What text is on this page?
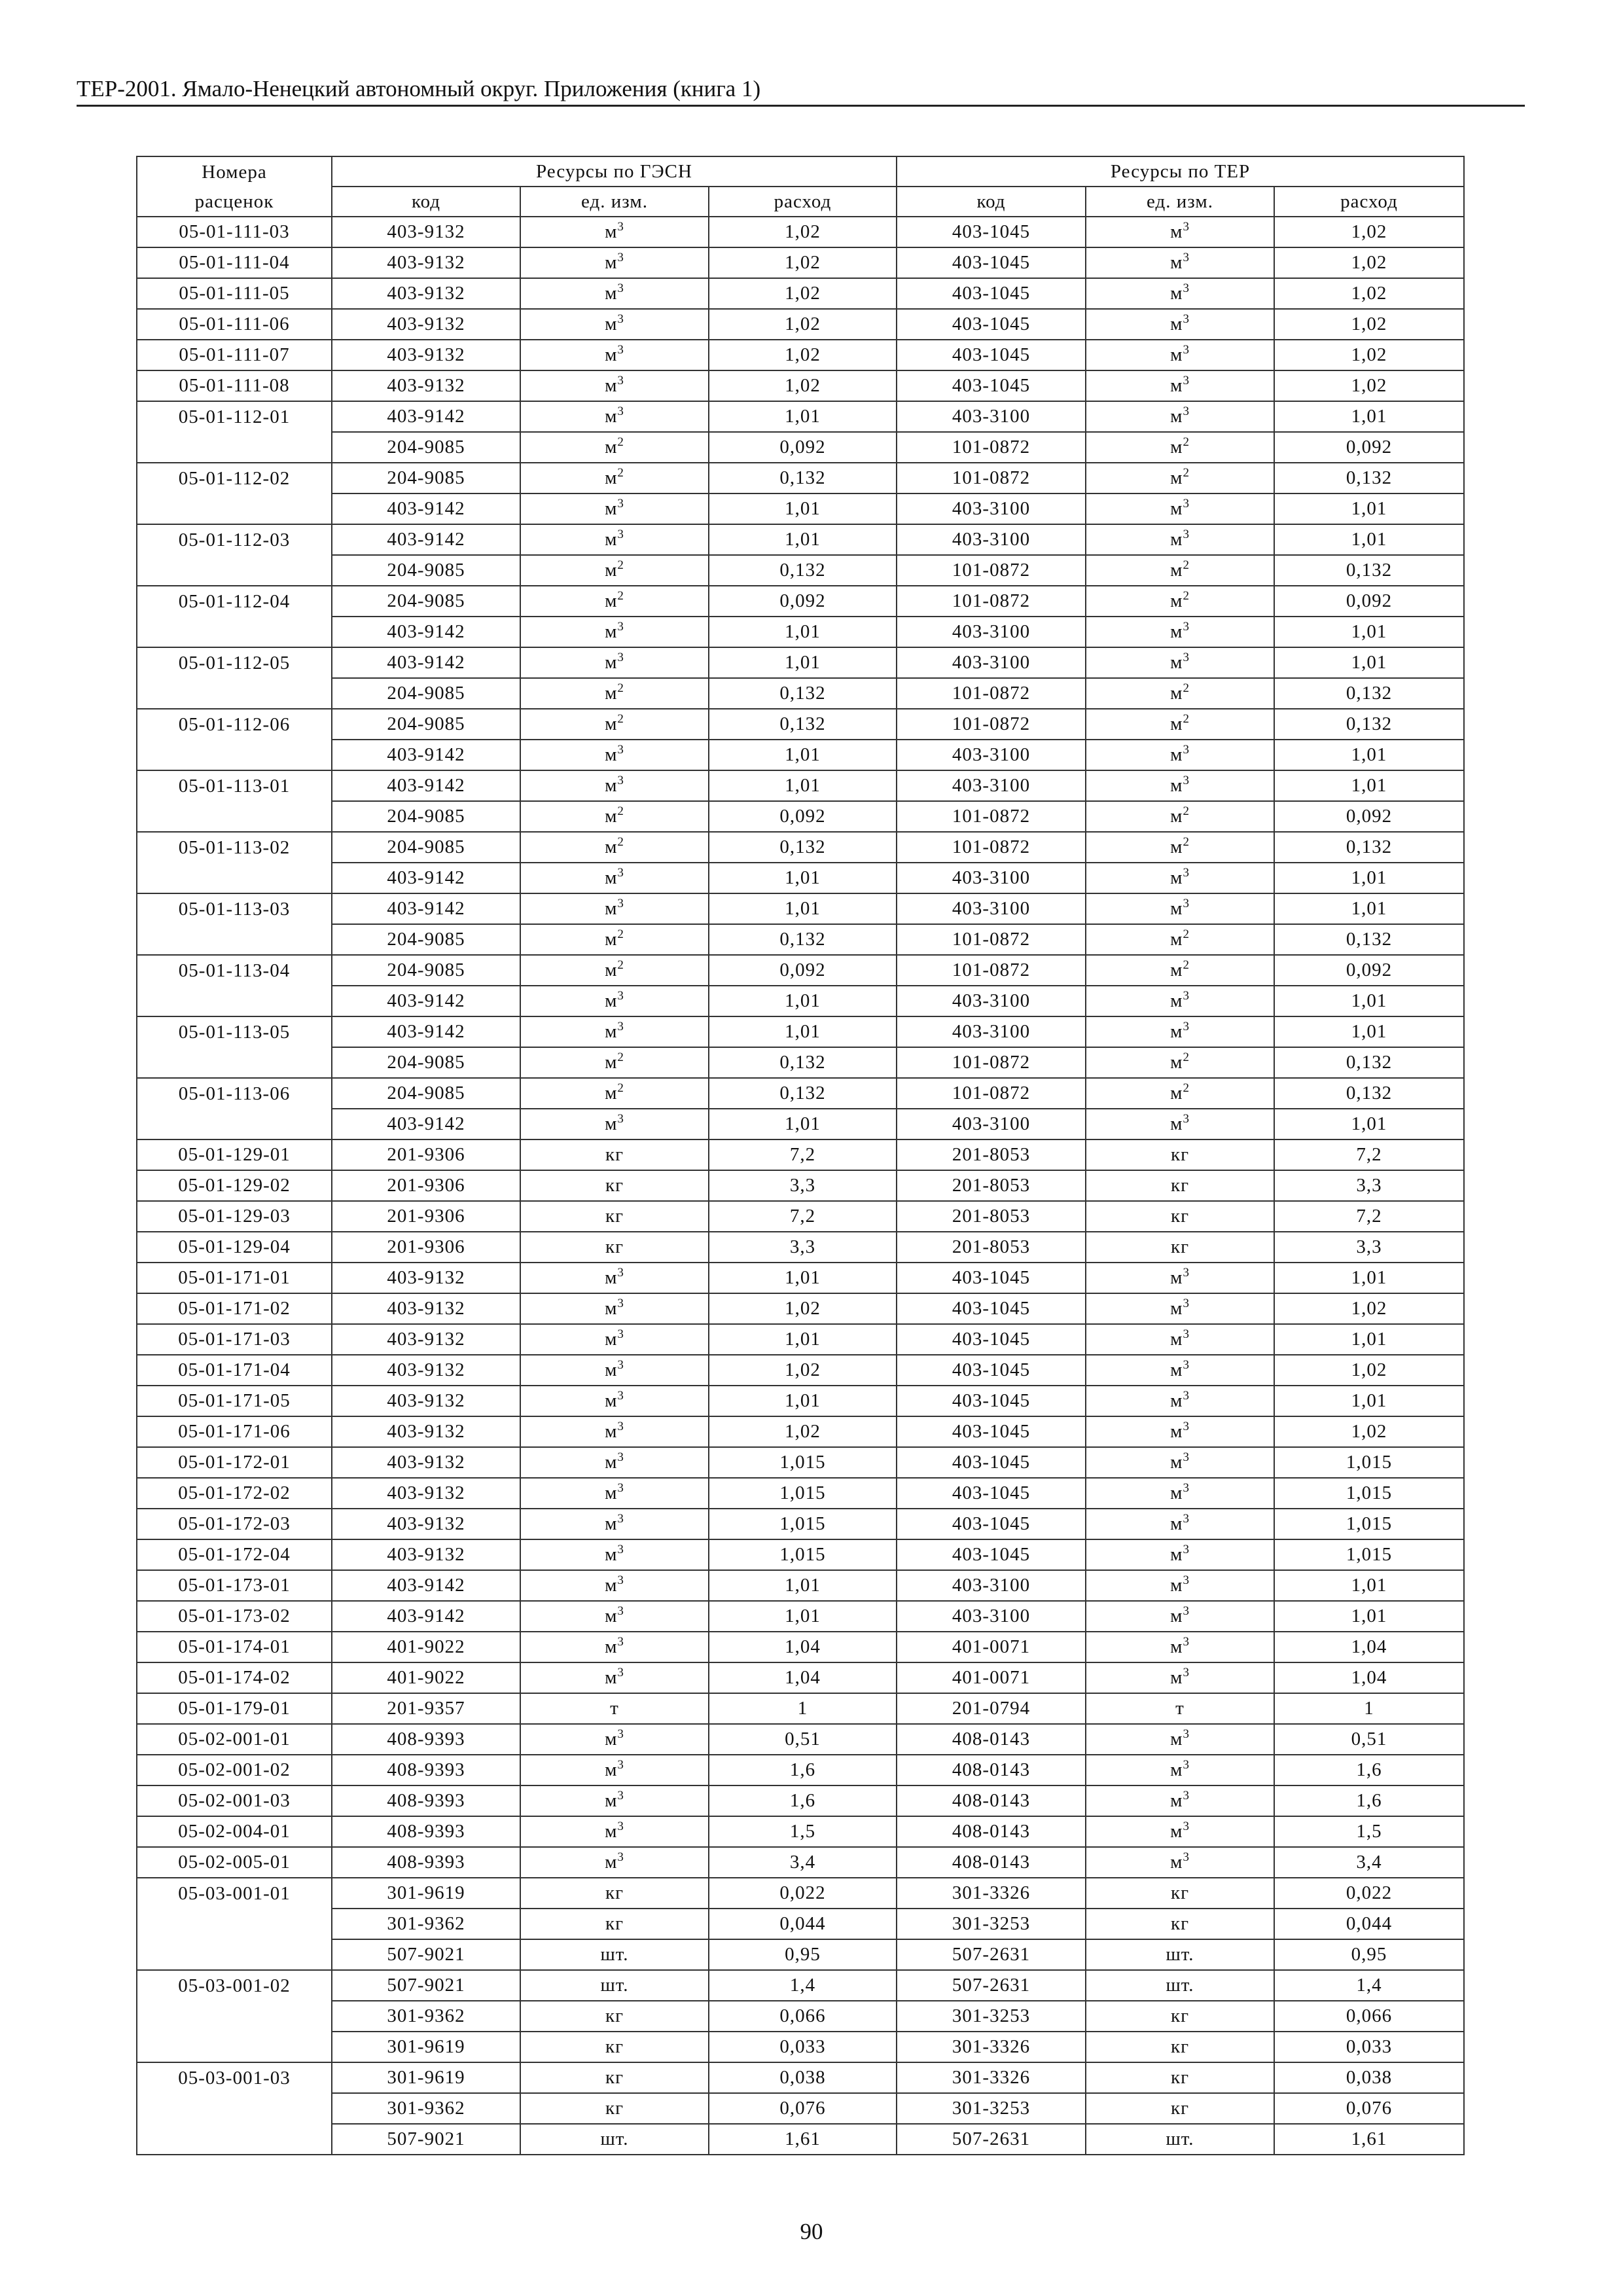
ТЕР-2001. Ямало-Ненецкий автономный округ. Приложения (книга 1)
Номера	Ресурсы по ГЭСН			Ресурсы по ТЕР		
расценок	код	ед. изм.	расход	код	ед. изм.	расход
05-01-111-03	403-9132	$м^3$	1,02	403-1045	$м^3$	1,02
05-01-111-04	403-9132	$м^3$	1,02	403-1045	$м^3$	1,02
05-01-111-05	403-9132	$м^3$	1,02	403-1045	$м^3$	1,02
05-01-111-06	403-9132	$м^3$	1,02	403-1045	$м^3$	1,02
05-01-111-07	403-9132	$м^3$	1,02	403-1045	$м^3$	1,02
05-01-111-08	403-9132	$м^3$	1,02	403-1045	$м^3$	1,02
05-01-112-01	403-9142	$м^3$	1,01	403-3100	$м^3$	1,01
	204-9085	$м^2$	0,092	101-0872	$м^2$	0,092
05-01-112-02	204-9085	$м^2$	0,132	101-0872	$м^2$	0,132
	403-9142	$м^3$	1,01	403-3100	$м^3$	1,01
05-01-112-03	403-9142	$м^3$	1,01	403-3100	$м^3$	1,01
	204-9085	$м^2$	0,132	101-0872	$м^2$	0,132
05-01-112-04	204-9085	$м^2$	0,092	101-0872	$м^2$	0,092
	403-9142	$м^3$	1,01	403-3100	$м^3$	1,01
05-01-112-05	403-9142	$м^3$	1,01	403-3100	$м^3$	1,01
	204-9085	$м^2$	0,132	101-0872	$м^2$	0,132
05-01-112-06	204-9085	$м^2$	0,132	101-0872	$м^2$	0,132
	403-9142	$м^3$	1,01	403-3100	$м^3$	1,01
05-01-113-01	403-9142	$м^3$	1,01	403-3100	$м^3$	1,01
	204-9085	$м^2$	0,092	101-0872	$м^2$	0,092
05-01-113-02	204-9085	$м^2$	0,132	101-0872	$м^2$	0,132
	403-9142	$м^3$	1,01	403-3100	$м^3$	1,01
05-01-113-03	403-9142	$м^3$	1,01	403-3100	$м^3$	1,01
	204-9085	$м^2$	0,132	101-0872	$м^2$	0,132
05-01-113-04	204-9085	$м^2$	0,092	101-0872	$м^2$	0,092
	403-9142	$м^3$	1,01	403-3100	$м^3$	1,01
05-01-113-05	403-9142	$м^3$	1,01	403-3100	$м^3$	1,01
	204-9085	$м^2$	0,132	101-0872	$м^2$	0,132
05-01-113-06	204-9085	$м^2$	0,132	101-0872	$м^2$	0,132
	403-9142	$м^3$	1,01	403-3100	$м^3$	1,01
05-01-129-01	201-9306	кг	7,2	201-8053	кг	7,2
05-01-129-02	201-9306	кг	3,3	201-8053	кг	3,3
05-01-129-03	201-9306	кг	7,2	201-8053	кг	7,2
05-01-129-04	201-9306	кг	3,3	201-8053	кг	3,3
05-01-171-01	403-9132	$м^3$	1,01	403-1045	$м^3$	1,01
05-01-171-02	403-9132	$м^3$	1,02	403-1045	$м^3$	1,02
05-01-171-03	403-9132	$м^3$	1,01	403-1045	$м^3$	1,01
05-01-171-04	403-9132	$м^3$	1,02	403-1045	$м^3$	1,02
05-01-171-05	403-9132	$м^3$	1,01	403-1045	$м^3$	1,01
05-01-171-06	403-9132	$м^3$	1,02	403-1045	$м^3$	1,02
05-01-172-01	403-9132	$м^3$	1,015	403-1045	$м^3$	1,015
05-01-172-02	403-9132	$м^3$	1,015	403-1045	$м^3$	1,015
05-01-172-03	403-9132	$м^3$	1,015	403-1045	$м^3$	1,015
05-01-172-04	403-9132	$м^3$	1,015	403-1045	$м^3$	1,015
05-01-173-01	403-9142	$м^3$	1,01	403-3100	$м^3$	1,01
05-01-173-02	403-9142	$м^3$	1,01	403-3100	$м^3$	1,01
05-01-174-01	401-9022	$м^3$	1,04	401-0071	$м^3$	1,04
05-01-174-02	401-9022	$м^3$	1,04	401-0071	$м^3$	1,04
05-01-179-01	201-9357	т	1	201-0794	т	1
05-02-001-01	408-9393	$м^3$	0,51	408-0143	$м^3$	0,51
05-02-001-02	408-9393	$м^3$	1,6	408-0143	$м^3$	1,6
05-02-001-03	408-9393	$м^3$	1,6	408-0143	$м^3$	1,6
05-02-004-01	408-9393	$м^3$	1,5	408-0143	$м^3$	1,5
05-02-005-01	408-9393	$м^3$	3,4	408-0143	$м^3$	3,4
05-03-001-01	301-9619	кг	0,022	301-3326	кг	0,022
	301-9362	кг	0,044	301-3253	кг	0,044
	507-9021	шт.	0,95	507-2631	шт.	0,95
05-03-001-02	507-9021	шт.	1,4	507-2631	шт.	1,4
	301-9362	кг	0,066	301-3253	кг	0,066
	301-9619	кг	0,033	301-3326	кг	0,033
05-03-001-03	301-9619	кг	0,038	301-3326	кг	0,038
	301-9362	кг	0,076	301-3253	кг	0,076
	507-9021	шт.	1,61	507-2631	шт.	1,61
90
